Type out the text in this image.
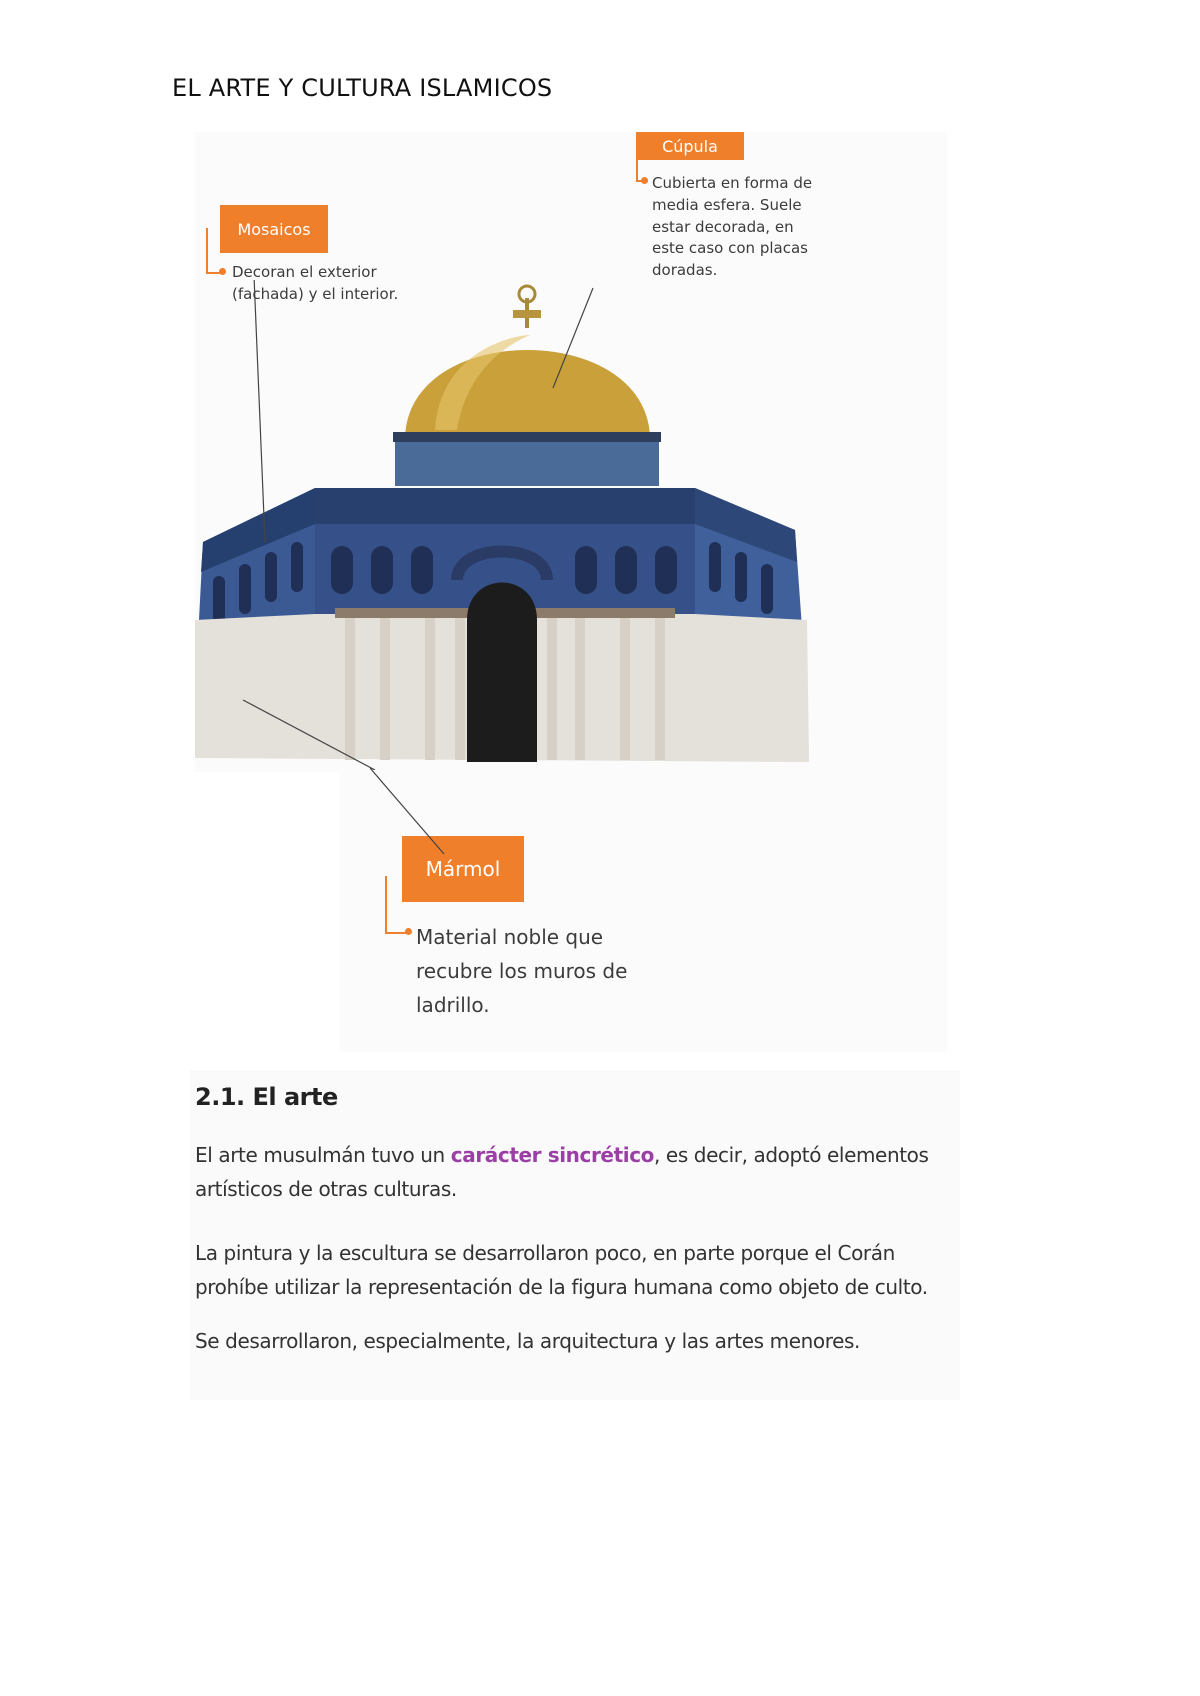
EL ARTE Y CULTURA ISLAMICOS
Cúpula
Cubierta en forma de
media esfera. Suele
estar decorada, en
este caso con placas
doradas.
Mosaicos
Decoran el exterior
(fachada) y el interior.
Mármol
Material noble que
recubre los muros de
ladrillo.
2.1. El arte
El arte musulmán tuvo un carácter sincrético, es decir, adoptó elementos artísticos de otras culturas.
La pintura y la escultura se desarrollaron poco, en parte porque el Corán prohíbe utilizar la representación de la figura humana como objeto de culto.
Se desarrollaron, especialmente, la arquitectura y las artes menores.
